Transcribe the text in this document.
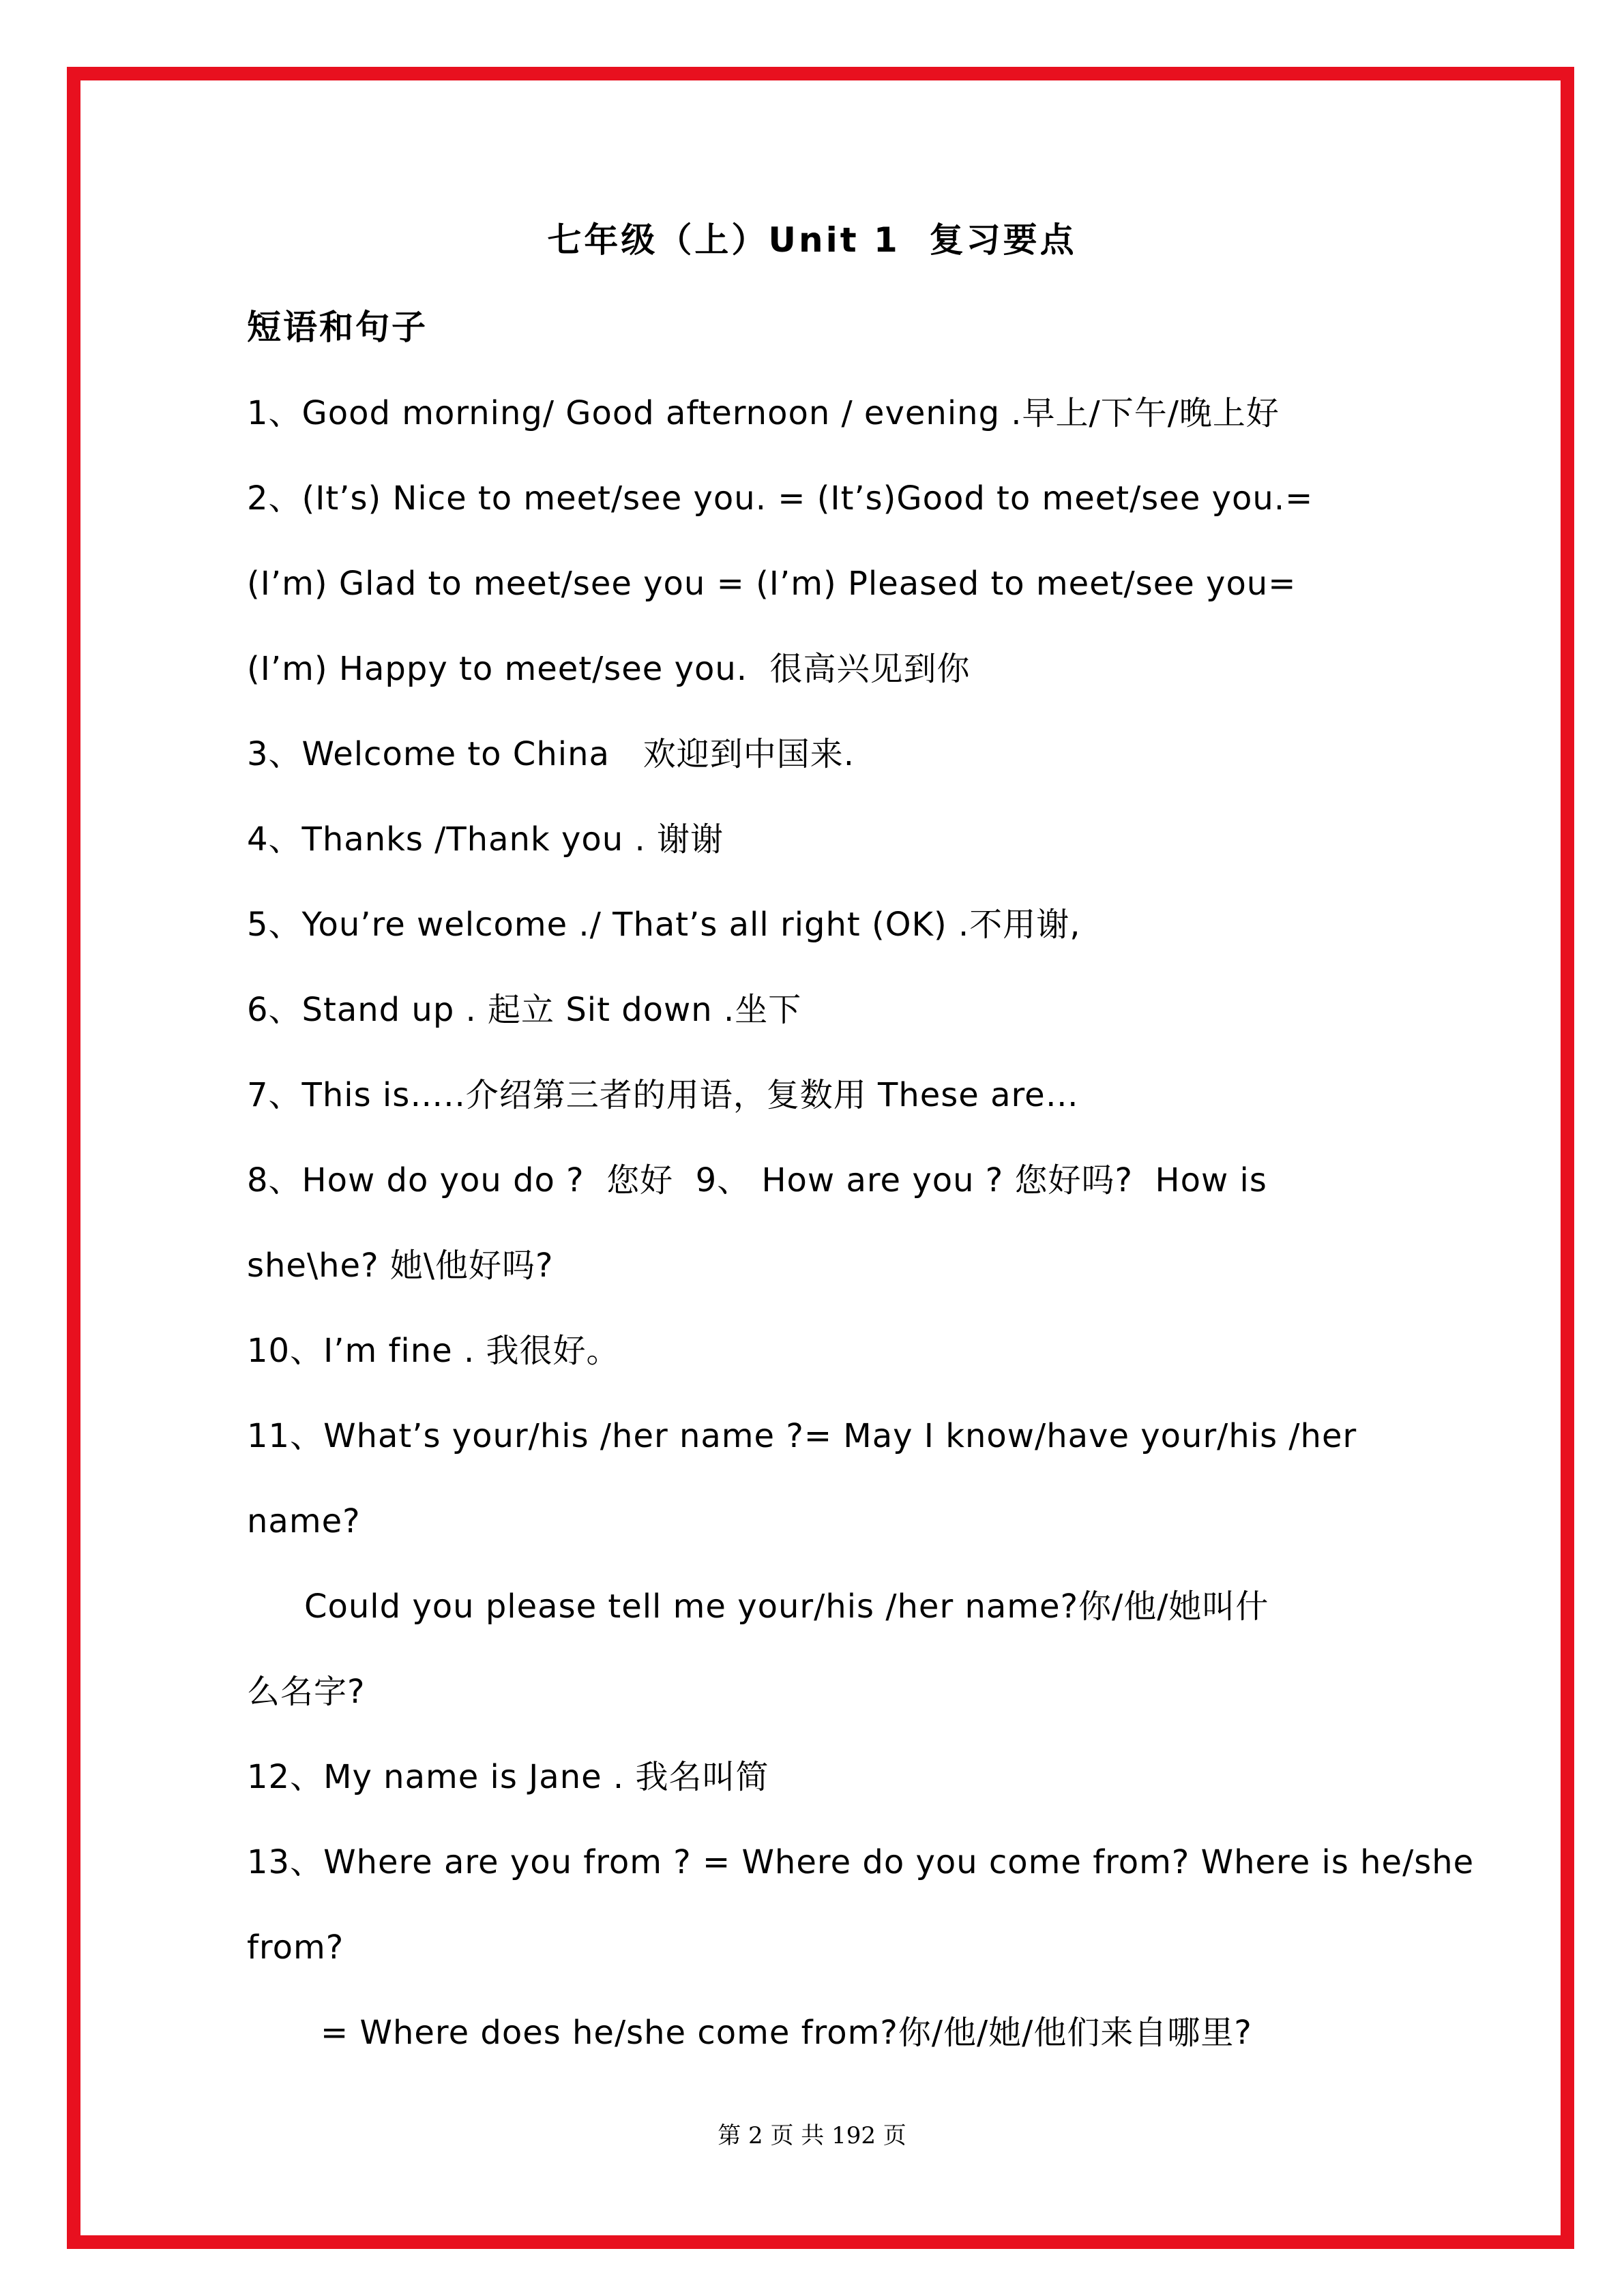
七年级（上）Unit 1  复习要点
短语和句子
1、Good morning/ Good afternoon / evening .早上/下午/晚上好
2、(It’s) Nice to meet/see you. = (It’s)Good to meet/see you.=
(I’m) Glad to meet/see you = (I’m) Pleased to meet/see you=
(I’m) Happy to meet/see you.  很高兴见到你
3、Welcome to China   欢迎到中国来.
4、Thanks /Thank you . 谢谢
5、You’re welcome ./ That’s all right (OK) .不用谢,
6、Stand up . 起立 Sit down .坐下
7、This is…..介绍第三者的用语，复数用 These are…
8、How do you do ?  您好  9、 How are you ? 您好吗?  How is
she\he? 她\他好吗?
10、I’m fine . 我很好。
11、What’s your/his /her name ?= May I know/have your/his /her
name?
Could you please tell me your/his /her name?你/他/她叫什
么名字?
12、My name is Jane . 我名叫简
13、Where are you from ? = Where do you come from? Where is he/she
from?
= Where does he/she come from?你/他/她/他们来自哪里?
第 2 页 共 192 页
